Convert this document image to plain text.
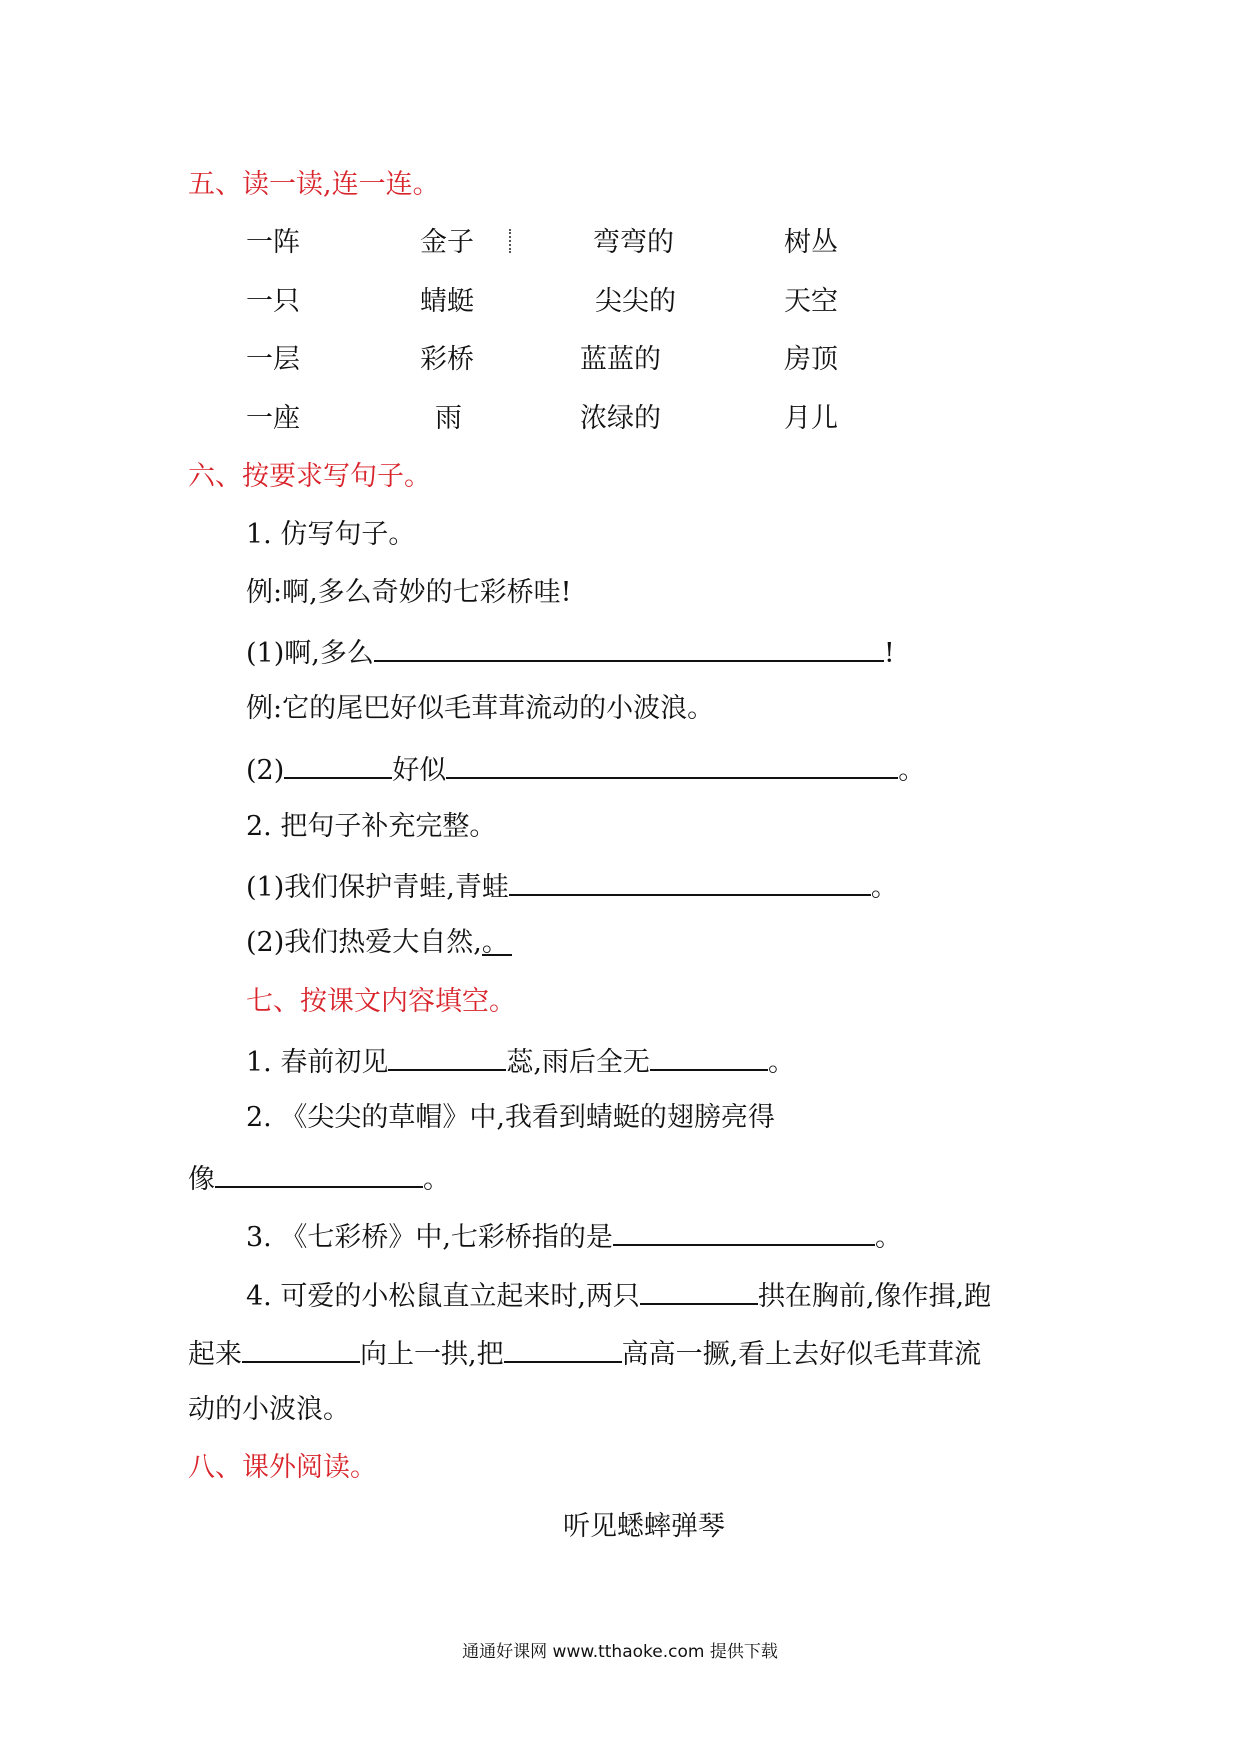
五、读一读,连一连。
一阵	金子	弯弯的	树丛
一只	蜻蜓	尖尖的	天空
一层	彩桥	蓝蓝的	房顶
一座	雨	浓绿的	月儿
六、按要求写句子。
1. 仿写句子。
例:啊,多么奇妙的七彩桥哇!
(1)啊,多么	!
例:它的尾巴好似毛茸茸流动的小波浪。
(2)	好似	。
2. 把句子补充完整。
(1)我们保护青蛙,青蛙	。
(2)我们热爱大自然,。
七、按课文内容填空。
1. 春前初见	蕊,雨后全无	。
2. 《尖尖的草帽》中,我看到蜻蜓的翅膀亮得
像	。
3. 《七彩桥》中,七彩桥指的是	。
4. 可爱的小松鼠直立起来时,两只	拱在胸前,像作揖,跑
起来	向上一拱,把	高高一撅,看上去好似毛茸茸流
动的小波浪。
八、课外阅读。
听见蟋蟀弹琴
通通好课网 www.tthaoke.com 提供下载
